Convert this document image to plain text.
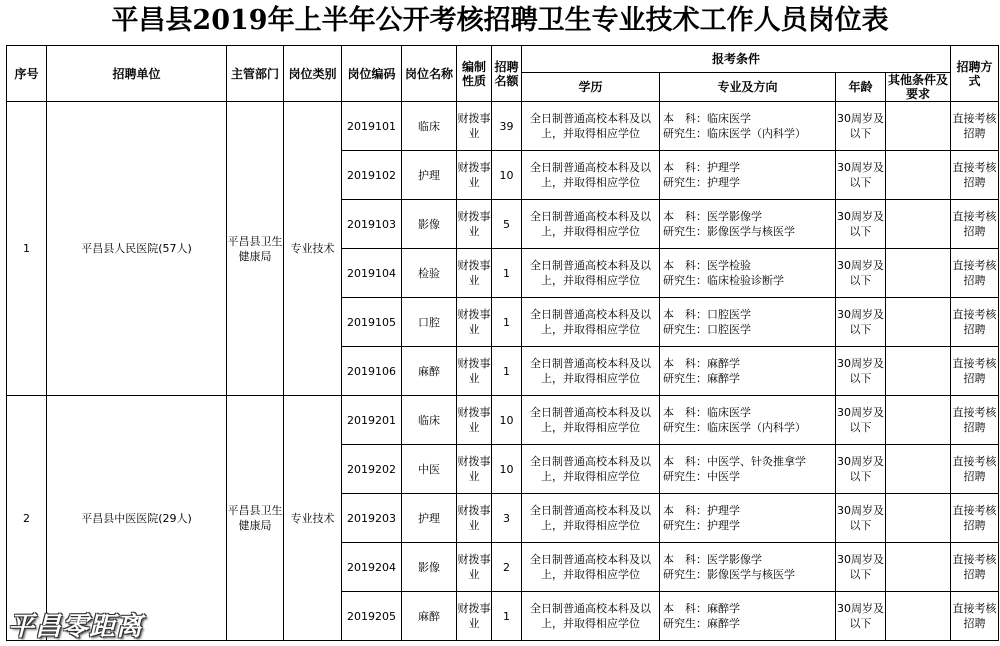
平昌县2019年上半年公开考核招聘卫生专业技术工作人员岗位表
序号	招聘单位	主管部门	岗位类别	岗位编码	岗位名称	编制性质	招聘名额	报考条件				招聘方式
								学历	专业及方向	年龄	其他条件及要求	
1	平昌县人民医院(57人)	平昌县卫生健康局	专业技术	2019101	临床	财拨事业	39	全日制普通高校本科及以上，并取得相应学位	本　科：临床医学
研究生：临床医学（内科学）	30周岁及以下		直接考核招聘
				2019102	护理	财拨事业	10	全日制普通高校本科及以上，并取得相应学位	本　科：护理学
研究生：护理学	30周岁及以下		直接考核招聘
				2019103	影像	财拨事业	5	全日制普通高校本科及以上，并取得相应学位	本　科：医学影像学
研究生：影像医学与核医学	30周岁及以下		直接考核招聘
				2019104	检验	财拨事业	1	全日制普通高校本科及以上，并取得相应学位	本　科：医学检验
研究生：临床检验诊断学	30周岁及以下		直接考核招聘
				2019105	口腔	财拨事业	1	全日制普通高校本科及以上，并取得相应学位	本　科：口腔医学
研究生：口腔医学	30周岁及以下		直接考核招聘
				2019106	麻醉	财拨事业	1	全日制普通高校本科及以上，并取得相应学位	本　科：麻醉学
研究生：麻醉学	30周岁及以下		直接考核招聘
2	平昌县中医医院(29人)	平昌县卫生健康局	专业技术	2019201	临床	财拨事业	10	全日制普通高校本科及以上，并取得相应学位	本　科：临床医学
研究生：临床医学（内科学）	30周岁及以下		直接考核招聘
				2019202	中医	财拨事业	10	全日制普通高校本科及以上，并取得相应学位	本　科：中医学、针灸推拿学
研究生：中医学	30周岁及以下		直接考核招聘
				2019203	护理	财拨事业	3	全日制普通高校本科及以上，并取得相应学位	本　科：护理学
研究生：护理学	30周岁及以下		直接考核招聘
				2019204	影像	财拨事业	2	全日制普通高校本科及以上，并取得相应学位	本　科：医学影像学
研究生：影像医学与核医学	30周岁及以下		直接考核招聘
				2019205	麻醉	财拨事业	1	全日制普通高校本科及以上，并取得相应学位	本　科：麻醉学
研究生：麻醉学	30周岁及以下		直接考核招聘
平昌零距离
